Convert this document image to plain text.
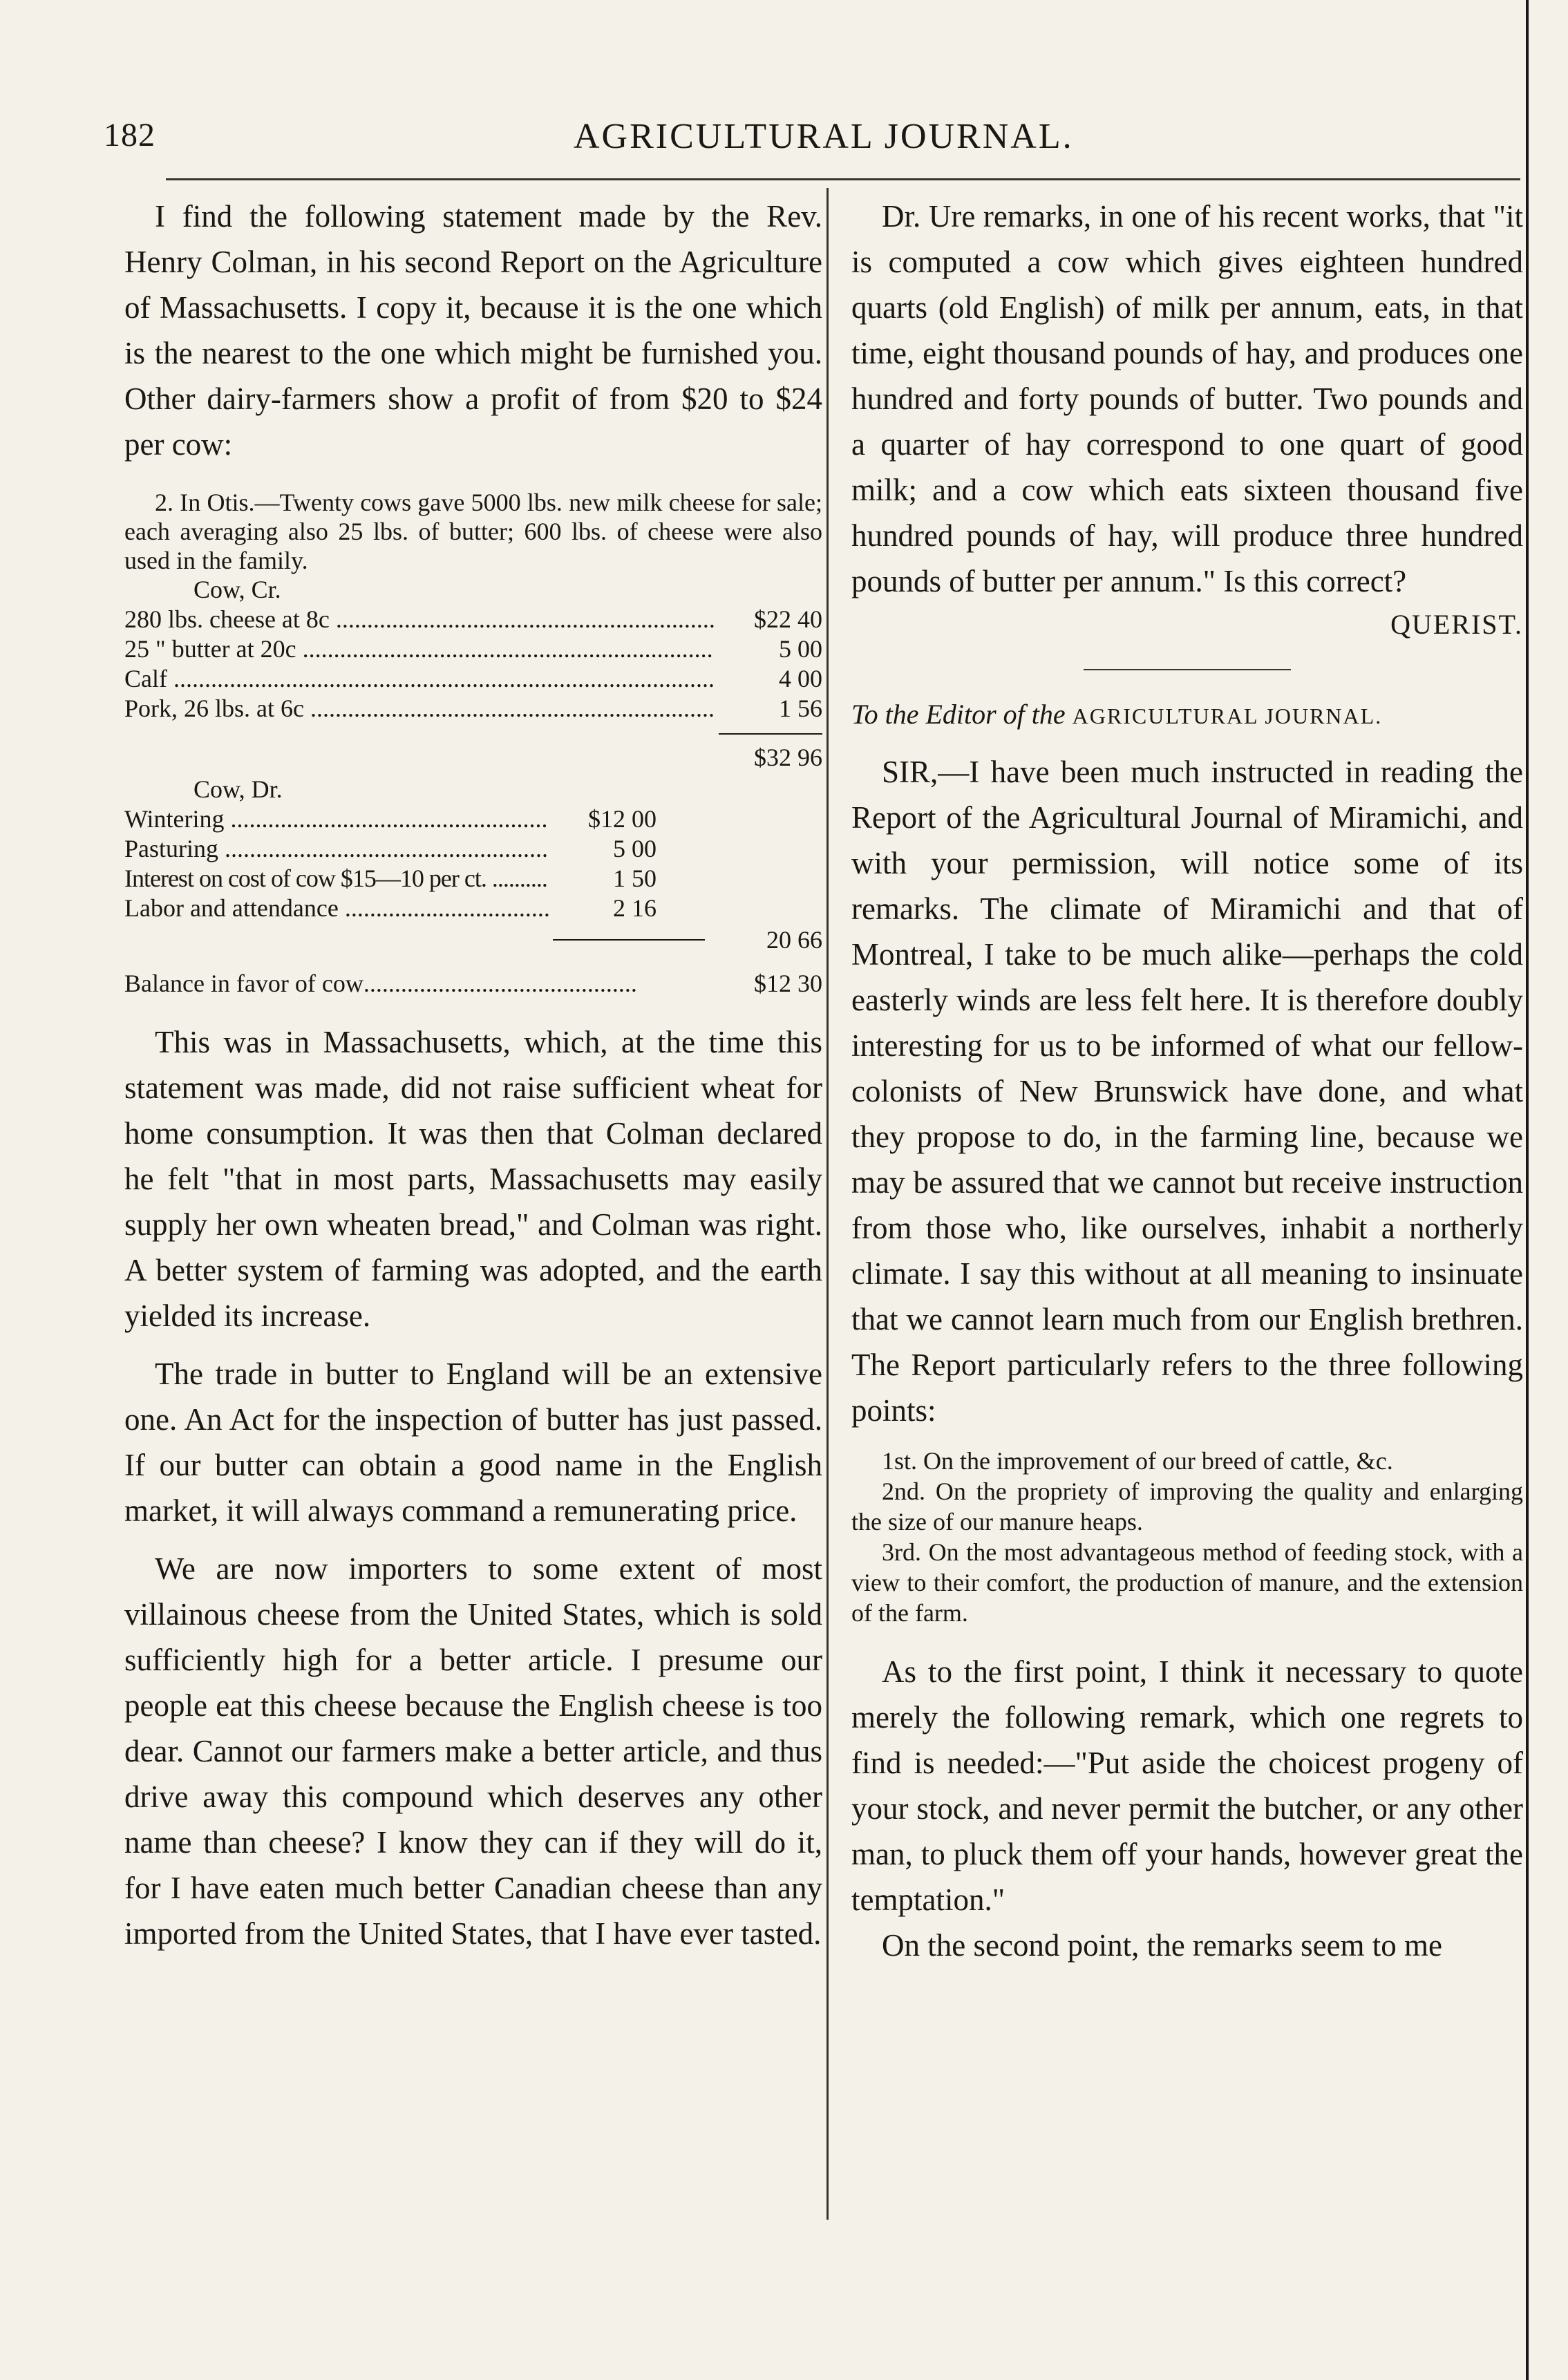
182	AGRICULTURAL JOURNAL.

I find the following statement made by the Rev. Henry Colman, in his second Report on the Agriculture of Massachusetts. I copy it, because it is the one which is the nearest to the one which might be furnished you. Other dairy-farmers show a profit of from $20 to $24 per cow:

2. In Otis.—Twenty cows gave 5000 lbs. new milk cheese for sale; each averaging also 25 lbs. of butter; 600 lbs. of cheese were also used in the family.

Cow, Cr.
280 lbs. cheese at 8c .....	$22 40
25 " butter at 20c .....	5 00
Calf .....	4 00
Pork, 26 lbs. at 6c .....	1 56
$32 96
Cow, Dr.
Wintering .....	$12 00
Pasturing .....	5 00
Interest on cost of cow $15—10 per ct. .....	1 50
Labor and attendance .....	2 16
20 66
Balance in favor of cow ............................................	$12 30

This was in Massachusetts, which, at the time this statement was made, did not raise sufficient wheat for home consumption. It was then that Colman declared he felt "that in most parts, Massachusetts may easily supply her own wheaten bread," and Colman was right. A better system of farming was adopted, and the earth yielded its increase.

The trade in butter to England will be an extensive one. An Act for the inspection of butter has just passed. If our butter can obtain a good name in the English market, it will always command a remunerating price.

We are now importers to some extent of most villainous cheese from the United States, which is sold sufficiently high for a better article. I presume our people eat this cheese because the English cheese is too dear. Cannot our farmers make a better article, and thus drive away this compound which deserves any other name than cheese? I know they can if they will do it, for I have eaten much better Canadian cheese than any imported from the United States, that I have ever tasted.

Dr. Ure remarks, in one of his recent works, that "it is computed a cow which gives eighteen hundred quarts (old English) of milk per annum, eats, in that time, eight thousand pounds of hay, and produces one hundred and forty pounds of butter. Two pounds and a quarter of hay correspond to one quart of good milk; and a cow which eats sixteen thousand five hundred pounds of hay, will produce three hundred pounds of butter per annum." Is this correct?

QUERIST.
To the Editor of the AGRICULTURAL JOURNAL.

SIR,—I have been much instructed in reading the Report of the Agricultural Journal of Miramichi, and with your permission, will notice some of its remarks. The climate of Miramichi and that of Montreal, I take to be much alike—perhaps the cold easterly winds are less felt here. It is therefore doubly interesting for us to be informed of what our fellow-colonists of New Brunswick have done, and what they propose to do, in the farming line, because we may be assured that we cannot but receive instruction from those who, like ourselves, inhabit a northerly climate. I say this without at all meaning to insinuate that we cannot learn much from our English brethren. The Report particularly refers to the three following points:

1st. On the improvement of our breed of cattle, &c.

2nd. On the propriety of improving the quality and enlarging the size of our manure heaps.

3rd. On the most advantageous method of feeding stock, with a view to their comfort, the production of manure, and the extension of the farm.

As to the first point, I think it necessary to quote merely the following remark, which one regrets to find is needed:—"Put aside the choicest progeny of your stock, and never permit the butcher, or any other man, to pluck them off your hands, however great the temptation."

On the second point, the remarks seem to me
